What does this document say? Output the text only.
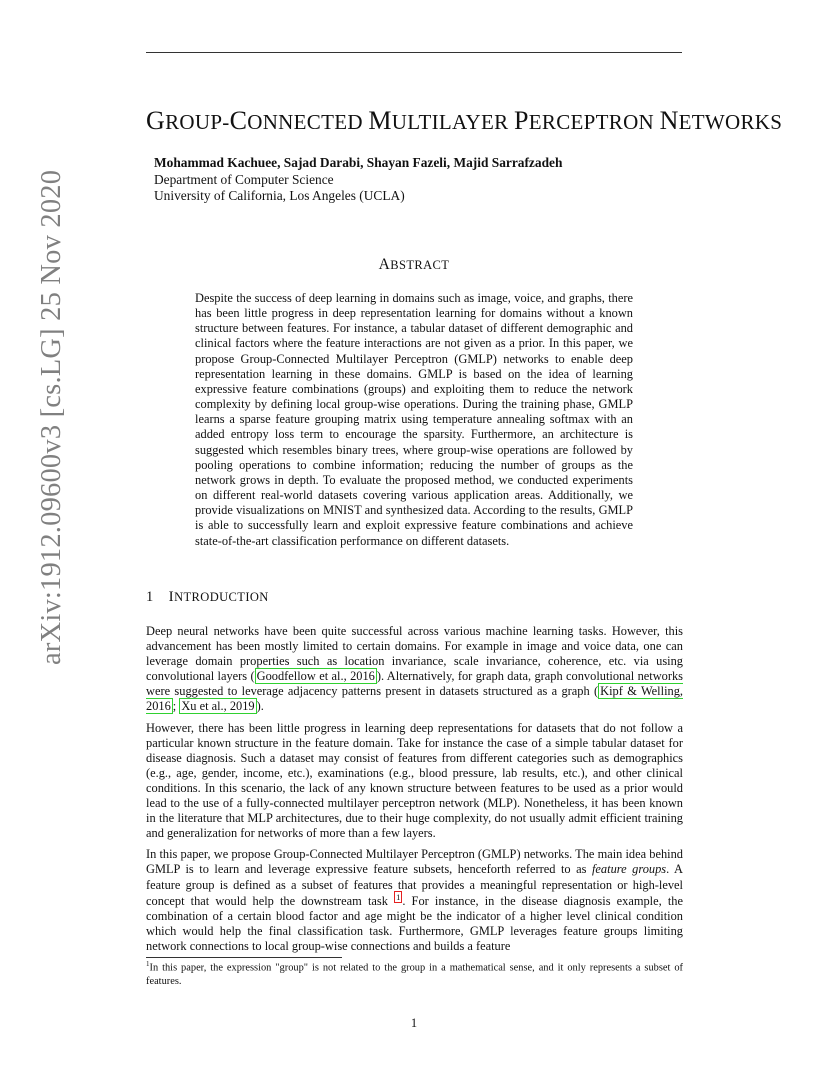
arXiv:1912.09600v3 [cs.LG] 25 Nov 2020
GROUP-CONNECTED MULTILAYER PERCEPTRON NETWORKS
Mohammad Kachuee, Sajad Darabi, Shayan Fazeli, Majid Sarrafzadeh
Department of Computer Science
University of California, Los Angeles (UCLA)
ABSTRACT
Despite the success of deep learning in domains such as image, voice, and graphs, there has been little progress in deep representation learning for domains without a known structure between features. For instance, a tabular dataset of different demographic and clinical factors where the feature interactions are not given as a prior. In this paper, we propose Group-Connected Multilayer Perceptron (GMLP) networks to enable deep representation learning in these domains. GMLP is based on the idea of learning expressive feature combinations (groups) and exploiting them to reduce the network complexity by defining local group-wise operations. During the training phase, GMLP learns a sparse feature grouping matrix using temperature annealing softmax with an added entropy loss term to encourage the sparsity. Furthermore, an architecture is suggested which resembles binary trees, where group-wise operations are followed by pooling operations to combine information; reducing the number of groups as the network grows in depth. To evaluate the proposed method, we conducted experiments on different real-world datasets covering various application areas. Additionally, we provide visualizations on MNIST and synthesized data. According to the results, GMLP is able to successfully learn and exploit expressive feature combinations and achieve state-of-the-art classification performance on different datasets.
1 INTRODUCTION

Deep neural networks have been quite successful across various machine learning tasks. However, this advancement has been mostly limited to certain domains. For example in image and voice data, one can leverage domain properties such as location invariance, scale invariance, coherence, etc. via using convolutional layers ( Goodfellow et al., 2016 ). Alternatively, for graph data, graph convolutional networks were suggested to leverage adjacency patterns present in datasets structured as a graph ( Kipf & Welling, 2016 ; Xu et al., 2019 ).

However, there has been little progress in learning deep representations for datasets that do not follow a particular known structure in the feature domain. Take for instance the case of a simple tabular dataset for disease diagnosis. Such a dataset may consist of features from different categories such as demographics (e.g., age, gender, income, etc.), examinations (e.g., blood pressure, lab results, etc.), and other clinical conditions. In this scenario, the lack of any known structure between features to be used as a prior would lead to the use of a fully-connected multilayer perceptron network (MLP). Nonetheless, it has been known in the literature that MLP architectures, due to their huge complexity, do not usually admit efficient training and generalization for networks of more than a few layers.

In this paper, we propose Group-Connected Multilayer Perceptron (GMLP) networks. The main idea behind GMLP is to learn and leverage expressive feature subsets, henceforth referred to as feature groups. A feature group is defined as a subset of features that provides a meaningful representation or high-level concept that would help the downstream task $^1$ . For instance, in the disease diagnosis example, the combination of a certain blood factor and age might be the indicator of a higher level clinical condition which would help the final classification task. Furthermore, GMLP leverages feature groups limiting network connections to local group-wise connections and builds a feature

$^1$In this paper, the expression "group" is not related to the group in a mathematical sense, and it only represents a subset of features.
1
